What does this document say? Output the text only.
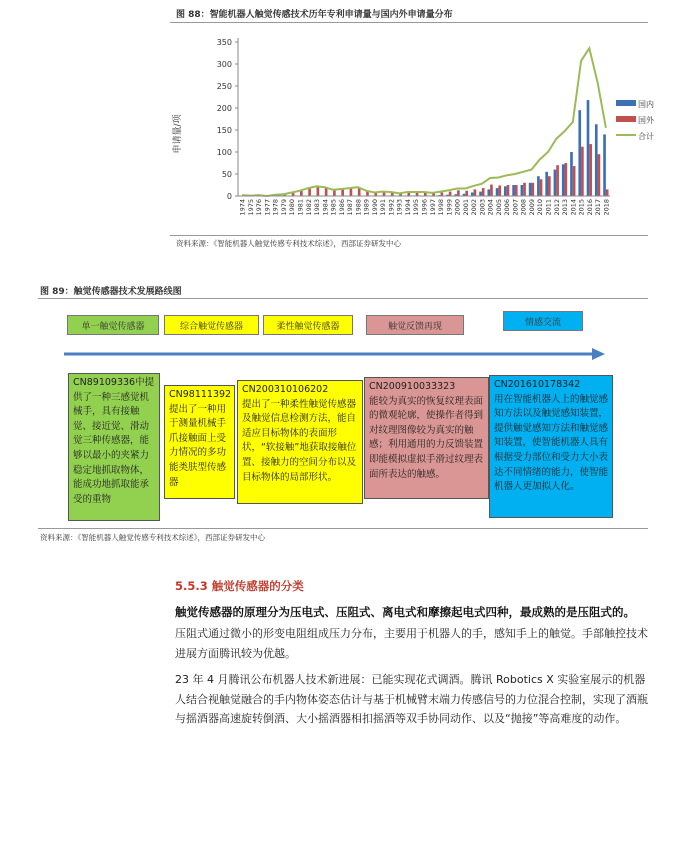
图 88：智能机器人触觉传感技术历年专利申请量与国内外申请量分布
0
50
100
150
200
250
300
350
1974 1975 1976 1977 1978 1979 1980 1981 1982 1983 1984 1985 1986 1987 1988 1989 1990 1991 1992 1993 1994 1995 1996 1997 1998 1999 2000 2001 2002 2003 2004 2005 2006 2007 2008 2009 2010 2011 2012 2013 2014 2015 2016 2017 2018
国内
国外
合计
申请量/项
资料来源：《智能机器人触觉传感专利技术综述》，西部证券研发中心
图 89：触觉传感器技术发展路线图
单一触觉传感器	综合触觉传感器	柔性触觉传感器	触觉反馈再现	情感交流
CN89109336中提供了一种三感觉机械手，具有接触觉、接近觉、滑动觉三种传感器，能够以最小的夹紧力稳定地抓取物体，能成功地抓取能承受的重物
CN98111392
提出了一种用于测量机械手爪接触面上受力情况的多功能类肤型传感器
CN200310106202
提出了一种柔性触觉传感器及触觉信息检测方法，能自适应目标物体的表面形状，“软接触”地获取接触位置、接触力的空间分布以及目标物体的局部形状。
CN200910033323
能较为真实的恢复纹理表面的微观轮廓，使操作者得到对纹理图像较为真实的触感；利用通用的力反馈装置即能模拟虚拟手滑过纹理表面所表达的触感。
CN201610178342
用在智能机器人上的触觉感知方法以及触觉感知装置，提供触觉感知方法和触觉感知装置，使智能机器人具有根据受力部位和受力大小表达不同情绪的能力，使智能机器人更加拟人化。
资料来源：《智能机器人触觉传感专利技术综述》，西部证券研发中心
5.5.3 触觉传感器的分类
触觉传感器的原理分为压电式、压阻式、离电式和摩擦起电式四种，最成熟的是压阻式的。
压阻式通过微小的形变电阻组成压力分布，主要用于机器人的手，感知手上的触觉。手部触控技术进展方面腾讯较为优越。
23 年 4 月腾讯公布机器人技术新进展：已能实现花式调酒。腾讯 Robotics X 实验室展示的机器人结合视触觉融合的手内物体姿态估计与基于机械臂末端力传感信号的力位混合控制，实现了酒瓶与摇酒器高速旋转倒酒、大小摇酒器相扣摇酒等双手协同动作、以及“抛接”等高难度的动作。
